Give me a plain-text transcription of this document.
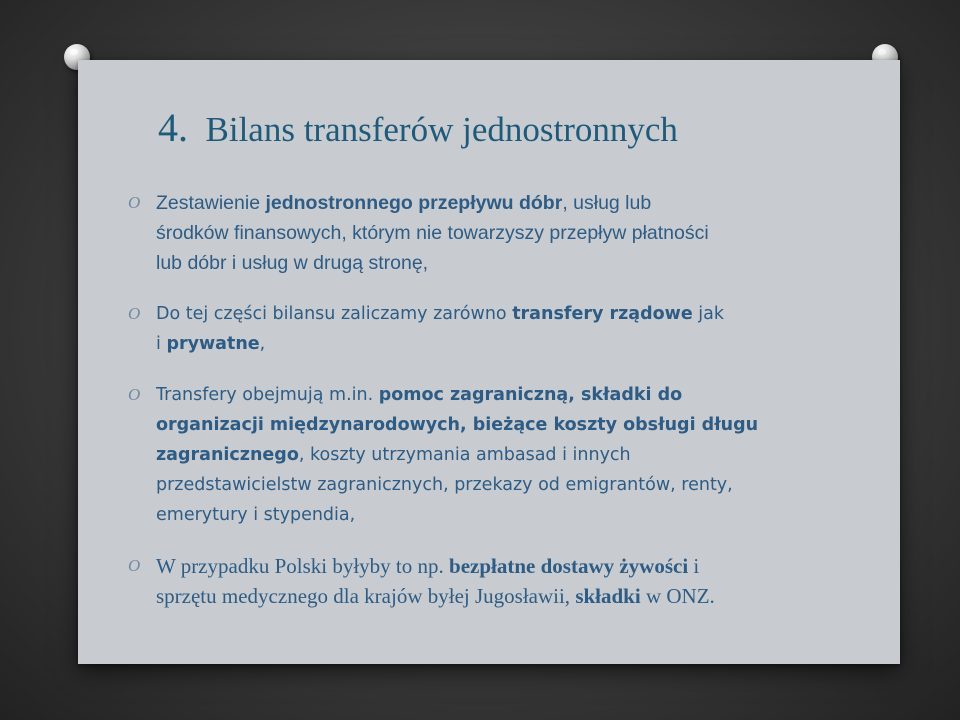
4. Bilans transferów jednostronnych
O Zestawienie jednostronnego przepływu dóbr, usług lub
środków finansowych, którym nie towarzyszy przepływ płatności
lub dóbr i usług w drugą stronę,
O Do tej części bilansu zaliczamy zarówno transfery rządowe jak
i prywatne,
O Transfery obejmują m.in. pomoc zagraniczną, składki do
organizacji międzynarodowych, bieżące koszty obsługi długu
zagranicznego, koszty utrzymania ambasad i innych
przedstawicielstw zagranicznych, przekazy od emigrantów, renty,
emerytury i stypendia,
O W przypadku Polski byłyby to np. bezpłatne dostawy żywości i
sprzętu medycznego dla krajów byłej Jugosławii, składki w ONZ.
